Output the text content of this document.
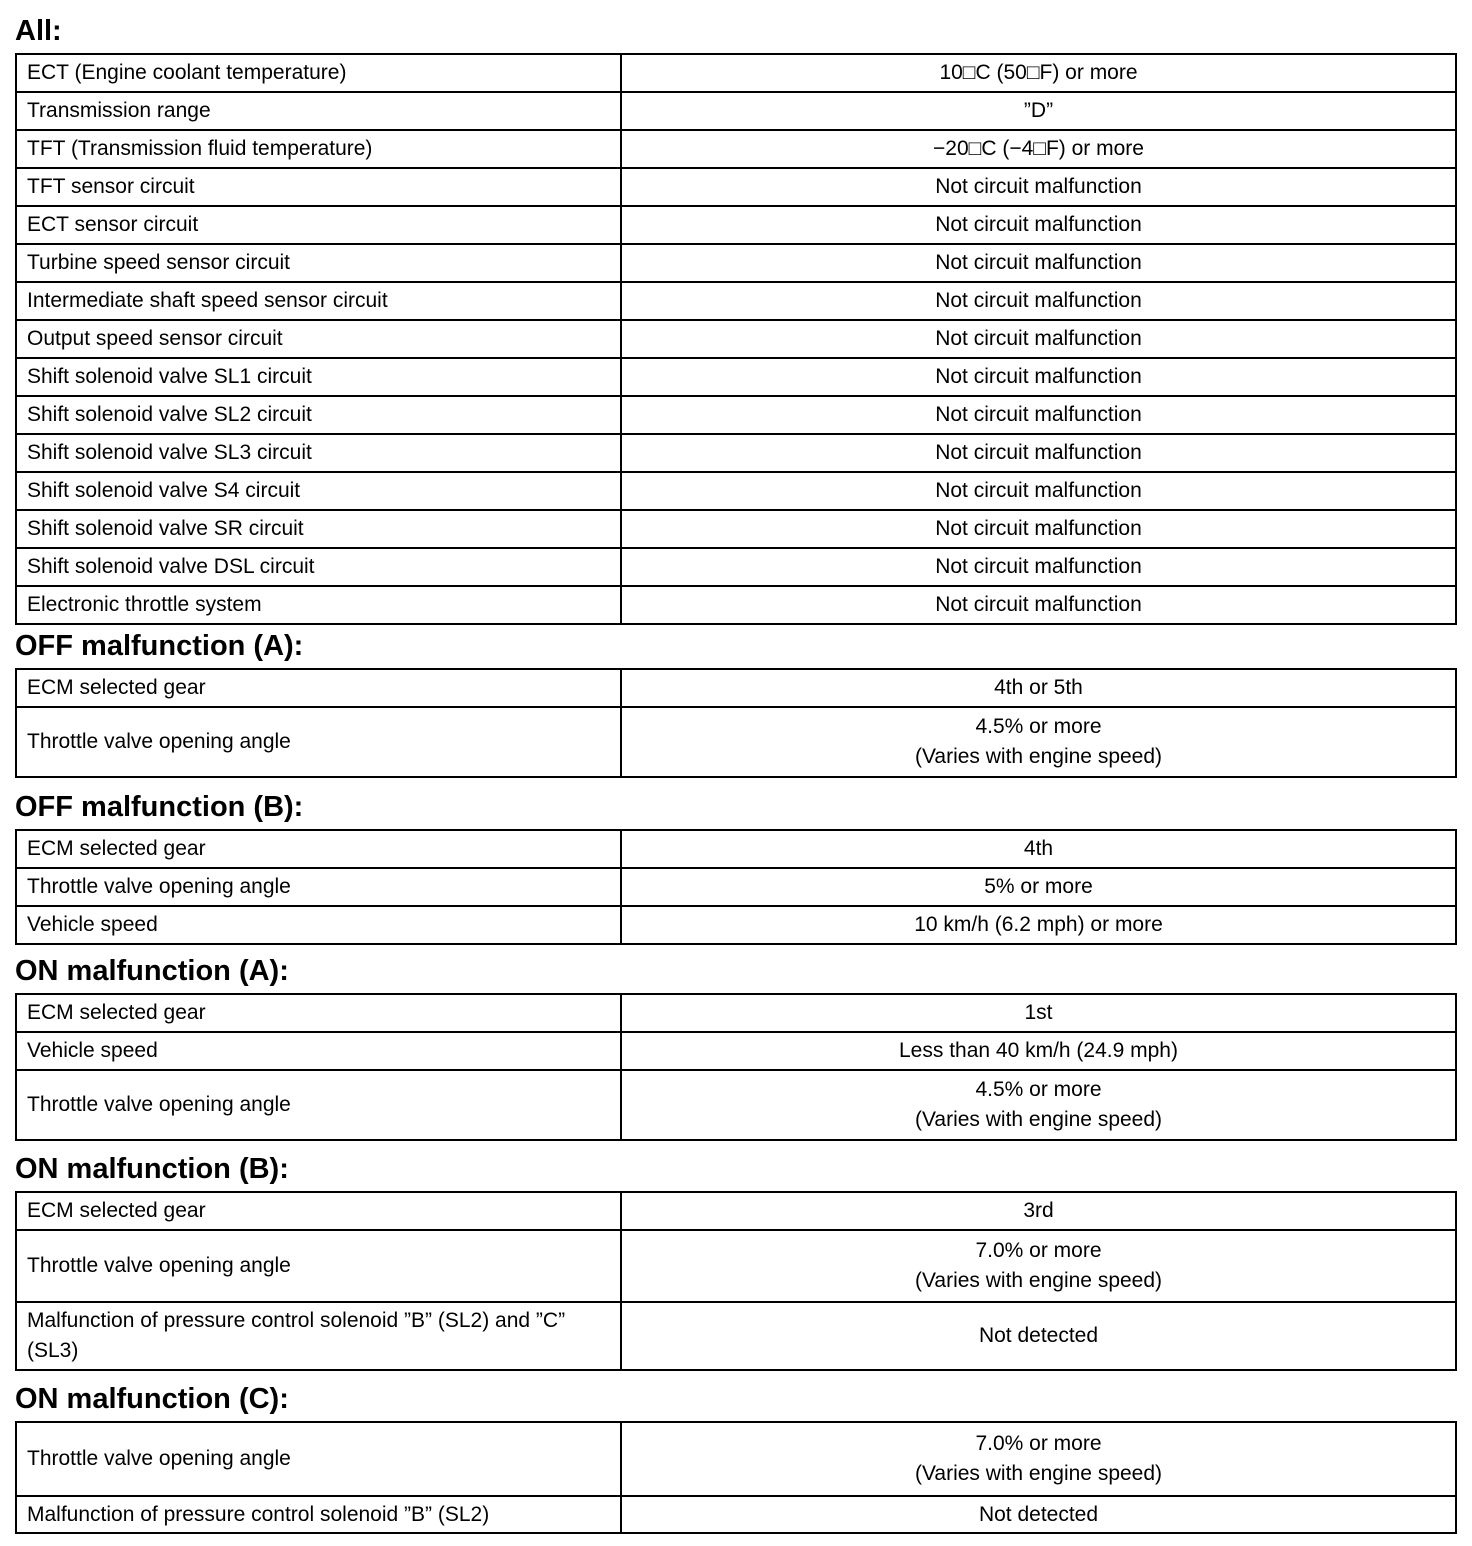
All:
ECT (Engine coolant temperature)	10□C (50□F) or more

Transmission range	”D”

TFT (Transmission fluid temperature)	−20□C (−4□F) or more

TFT sensor circuit	Not circuit malfunction

ECT sensor circuit	Not circuit malfunction

Turbine speed sensor circuit	Not circuit malfunction

Intermediate shaft speed sensor circuit	Not circuit malfunction

Output speed sensor circuit	Not circuit malfunction

Shift solenoid valve SL1 circuit	Not circuit malfunction

Shift solenoid valve SL2 circuit	Not circuit malfunction

Shift solenoid valve SL3 circuit	Not circuit malfunction

Shift solenoid valve S4 circuit	Not circuit malfunction

Shift solenoid valve SR circuit	Not circuit malfunction

Shift solenoid valve DSL circuit	Not circuit malfunction

Electronic throttle system	Not circuit malfunction
OFF malfunction (A):
ECM selected gear	4th or 5th

Throttle valve opening angle	4.5% or more
(Varies with engine speed)
OFF malfunction (B):
ECM selected gear	4th

Throttle valve opening angle	5% or more

Vehicle speed	10 km/h (6.2 mph) or more
ON malfunction (A):
ECM selected gear	1st

Vehicle speed	Less than 40 km/h (24.9 mph)

Throttle valve opening angle	4.5% or more
(Varies with engine speed)
ON malfunction (B):
ECM selected gear	3rd

Throttle valve opening angle	7.0% or more
(Varies with engine speed)

Malfunction of pressure control solenoid ”B” (SL2) and ”C”
(SL3)	Not detected
ON malfunction (C):
Throttle valve opening angle	7.0% or more
(Varies with engine speed)

Malfunction of pressure control solenoid ”B” (SL2)	Not detected
